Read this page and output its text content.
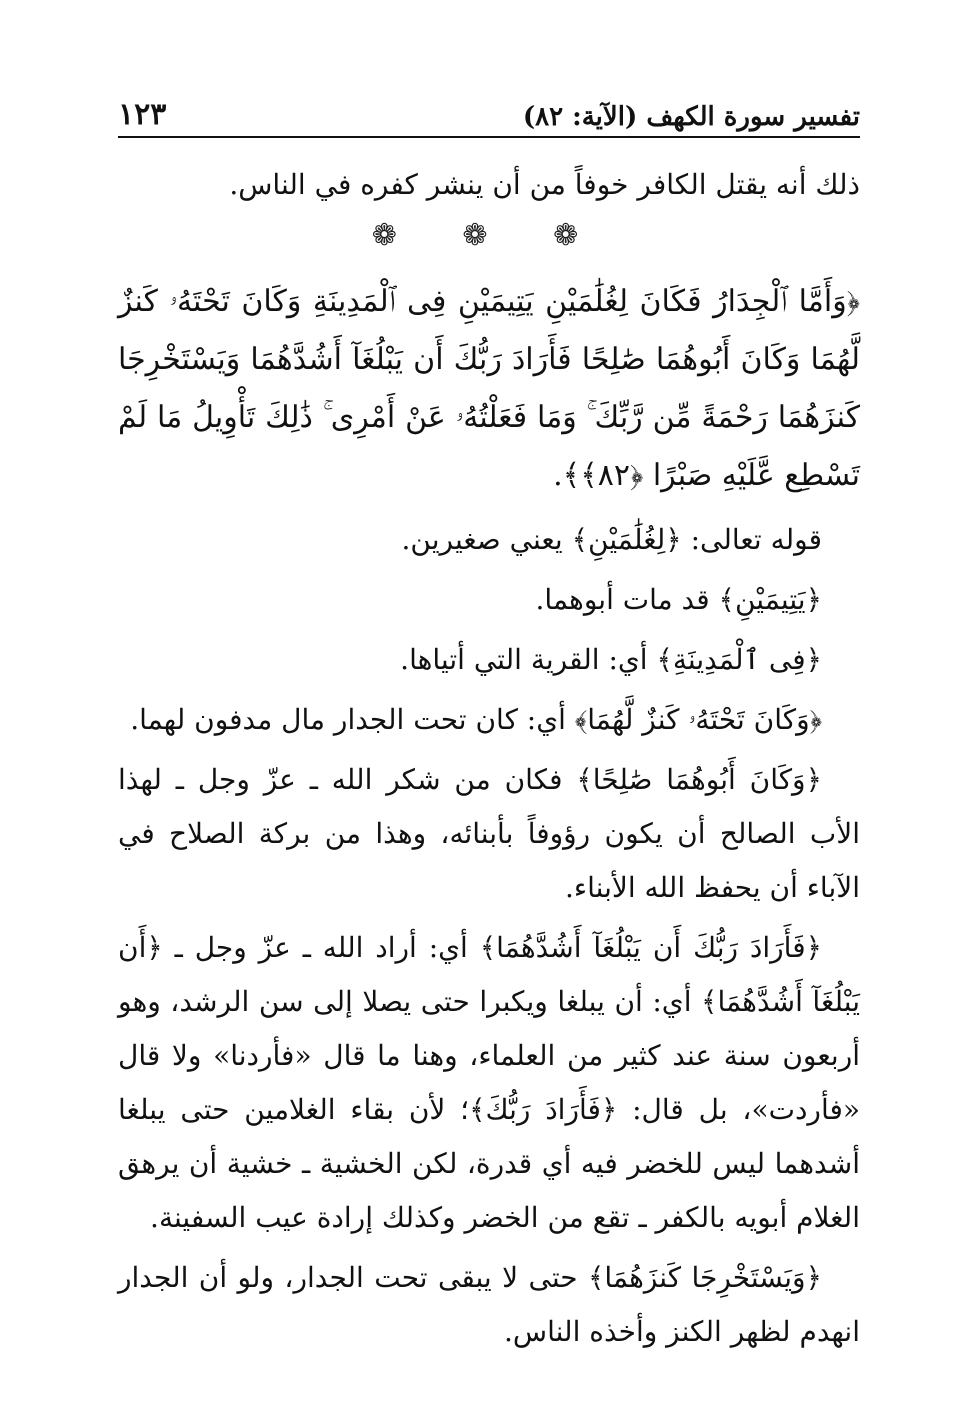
تفسير سورة الكهف (الآية: ٨٢)
١٢٣

ذلك أنه يقتل الكافر خوفاً من أن ينشر كفره في الناس.

❁ ❁ ❁

﴿وَأَمَّا ٱلْجِدَارُ فَكَانَ لِغُلَٰمَيْنِ يَتِيمَيْنِ فِى ٱلْمَدِينَةِ وَكَانَ تَحْتَهُۥ كَنزٌ لَّهُمَا وَكَانَ أَبُوهُمَا صَٰلِحًا فَأَرَادَ رَبُّكَ أَن يَبْلُغَآ أَشُدَّهُمَا وَيَسْتَخْرِجَا كَنزَهُمَا رَحْمَةً مِّن رَّبِّكَ ۚ وَمَا فَعَلْتُهُۥ عَنْ أَمْرِى ۚ ذَٰلِكَ تَأْوِيلُ مَا لَمْ تَسْطِع عَّلَيْهِ صَبْرًا ﴿٨٢﴾﴾.

قوله تعالى: ﴿لِغُلَٰمَيْنِ﴾ يعني صغيرين.

﴿يَتِيمَيْنِ﴾ قد مات أبوهما.

﴿فِى ٱلْمَدِينَةِ﴾ أي: القرية التي أتياها.

﴿وَكَانَ تَحْتَهُۥ كَنزٌ لَّهُمَا﴾ أي: كان تحت الجدار مال مدفون لهما.

﴿وَكَانَ أَبُوهُمَا صَٰلِحًا﴾ فكان من شكر الله ـ عزّ وجل ـ لهذا الأب الصالح أن يكون رؤوفاً بأبنائه، وهذا من بركة الصلاح في الآباء أن يحفظ الله الأبناء.

﴿فَأَرَادَ رَبُّكَ أَن يَبْلُغَآ أَشُدَّهُمَا﴾ أي: أراد الله ـ عزّ وجل ـ ﴿أَن يَبْلُغَآ أَشُدَّهُمَا﴾ أي: أن يبلغا ويكبرا حتى يصلا إلى سن الرشد، وهو أربعون سنة عند كثير من العلماء، وهنا ما قال «فأردنا» ولا قال «فأردت»، بل قال: ﴿فَأَرَادَ رَبُّكَ﴾؛ لأن بقاء الغلامين حتى يبلغا أشدهما ليس للخضر فيه أي قدرة، لكن الخشية ـ خشية أن يرهق الغلام أبويه بالكفر ـ تقع من الخضر وكذلك إرادة عيب السفينة.

﴿وَيَسْتَخْرِجَا كَنزَهُمَا﴾ حتى لا يبقى تحت الجدار، ولو أن الجدار انهدم لظهر الكنز وأخذه الناس.
